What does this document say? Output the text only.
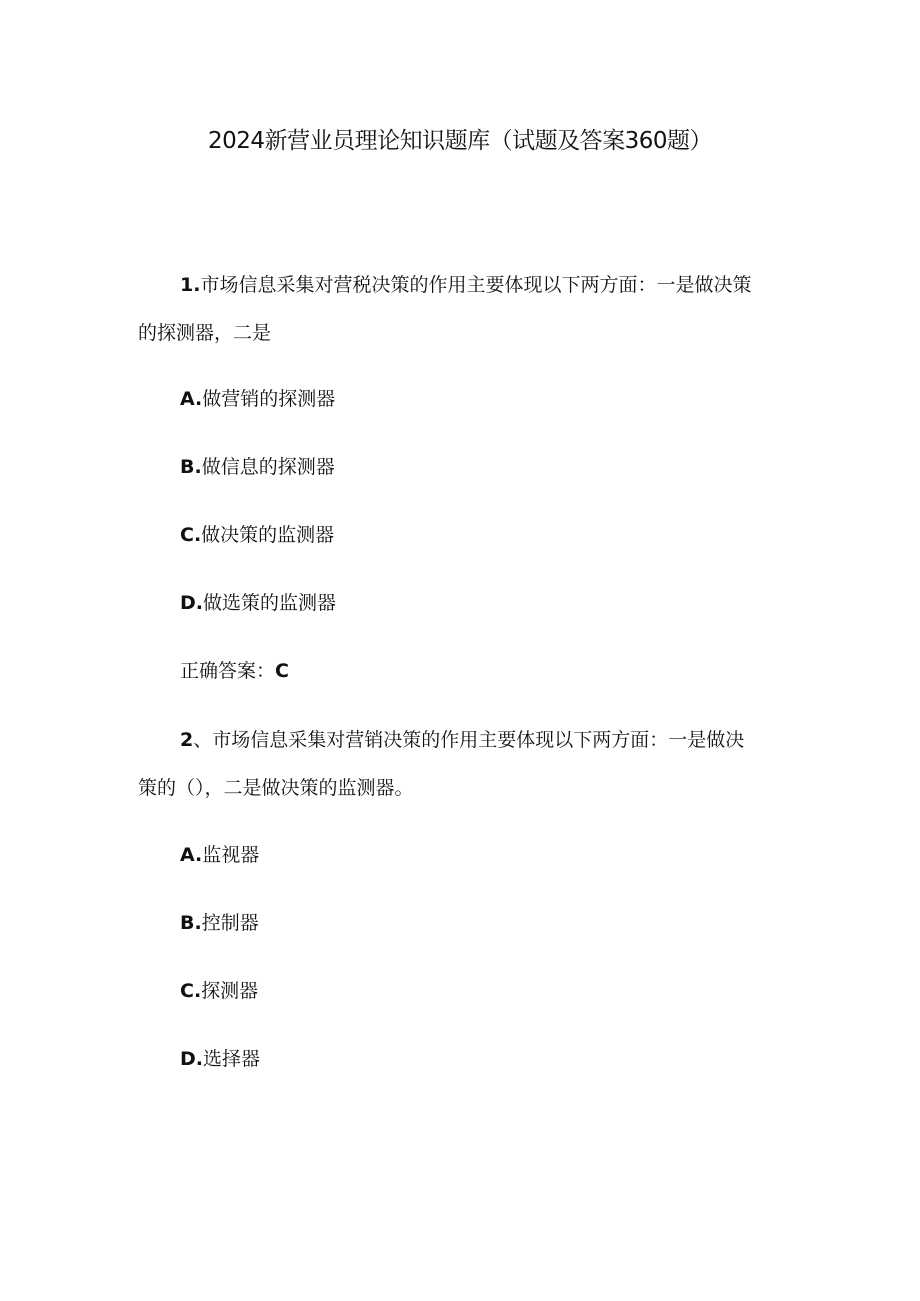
2024新营业员理论知识题库（试题及答案360题）
1.市场信息采集对营税决策的作用主要体现以下两方面：一是做决策
的探测器，二是
A.做营销的探测器
B.做信息的探测器
C.做决策的监测器
D.做选策的监测器
正确答案：C
2、市场信息采集对营销决策的作用主要体现以下两方面：一是做决
策的（），二是做决策的监测器。
A.监视器
B.控制器
C.探测器
D.选择器
